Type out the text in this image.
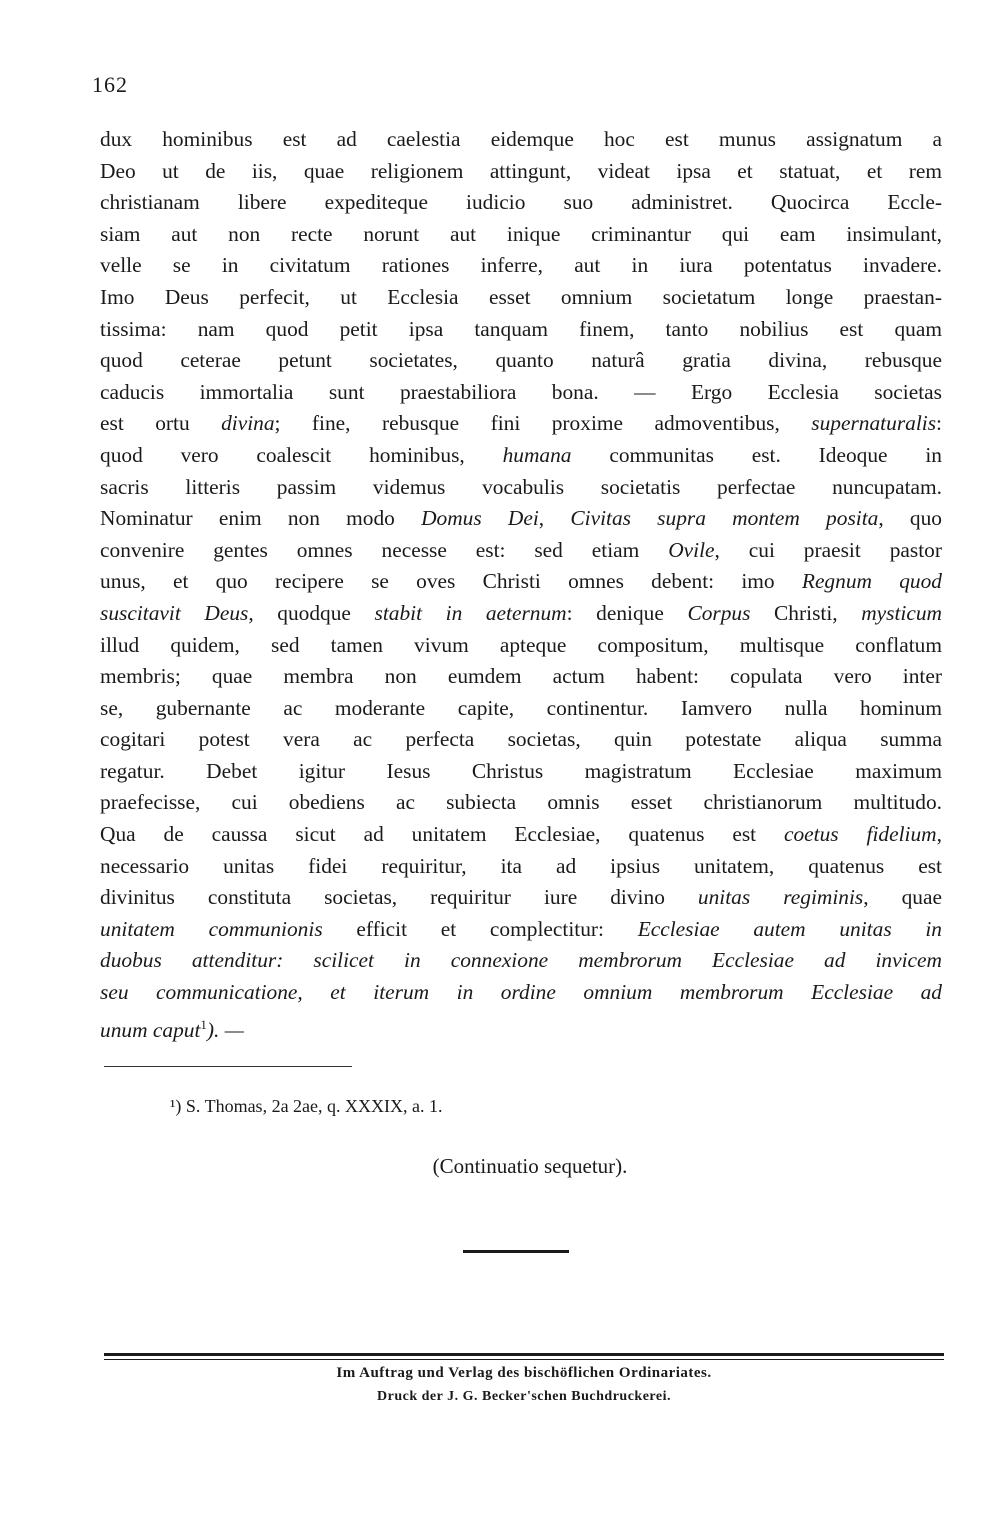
162
dux hominibus est ad caelestia eidemque hoc est munus assignatum a
Deo ut de iis, quae religionem attingunt, videat ipsa et statuat, et rem
christianam libere expediteque iudicio suo administret. Quocirca Eccle-
siam aut non recte norunt aut inique criminantur qui eam insimulant,
velle se in civitatum rationes inferre, aut in iura potentatus invadere.
Imo Deus perfecit, ut Ecclesia esset omnium societatum longe praestan-
tissima: nam quod petit ipsa tanquam finem, tanto nobilius est quam
quod ceterae petunt societates, quanto naturâ gratia divina, rebusque
caducis immortalia sunt praestabiliora bona. — Ergo Ecclesia societas
est ortu divina; fine, rebusque fini proxime admoventibus, supernaturalis:
quod vero coalescit hominibus, humana communitas est. Ideoque in
sacris litteris passim videmus vocabulis societatis perfectae nuncupatam.
Nominatur enim non modo Domus Dei, Civitas supra montem posita, quo
convenire gentes omnes necesse est: sed etiam Ovile, cui praesit pastor
unus, et quo recipere se oves Christi omnes debent: imo Regnum quod
suscitavit Deus, quodque stabit in aeternum: denique Corpus Christi, mysticum
illud quidem, sed tamen vivum apteque compositum, multisque conflatum
membris; quae membra non eumdem actum habent: copulata vero inter
se, gubernante ac moderante capite, continentur. Iamvero nulla hominum
cogitari potest vera ac perfecta societas, quin potestate aliqua summa
regatur. Debet igitur Iesus Christus magistratum Ecclesiae maximum
praefecisse, cui obediens ac subiecta omnis esset christianorum multitudo.
Qua de caussa sicut ad unitatem Ecclesiae, quatenus est coetus fidelium,
necessario unitas fidei requiritur, ita ad ipsius unitatem, quatenus est
divinitus constituta societas, requiritur iure divino unitas regiminis, quae
unitatem communionis efficit et complectitur: Ecclesiae autem unitas in
duobus attenditur: scilicet in connexione membrorum Ecclesiae ad invicem
seu communicatione, et iterum in ordine omnium membrorum Ecclesiae ad
unum caput$^1$). —
¹) S. Thomas, 2a 2ae, q. XXXIX, a. 1.
(Continuatio sequetur).
Im Auftrag und Verlag des bischöflichen Ordinariates.
Druck der J. G. Becker'schen Buchdruckerei.
